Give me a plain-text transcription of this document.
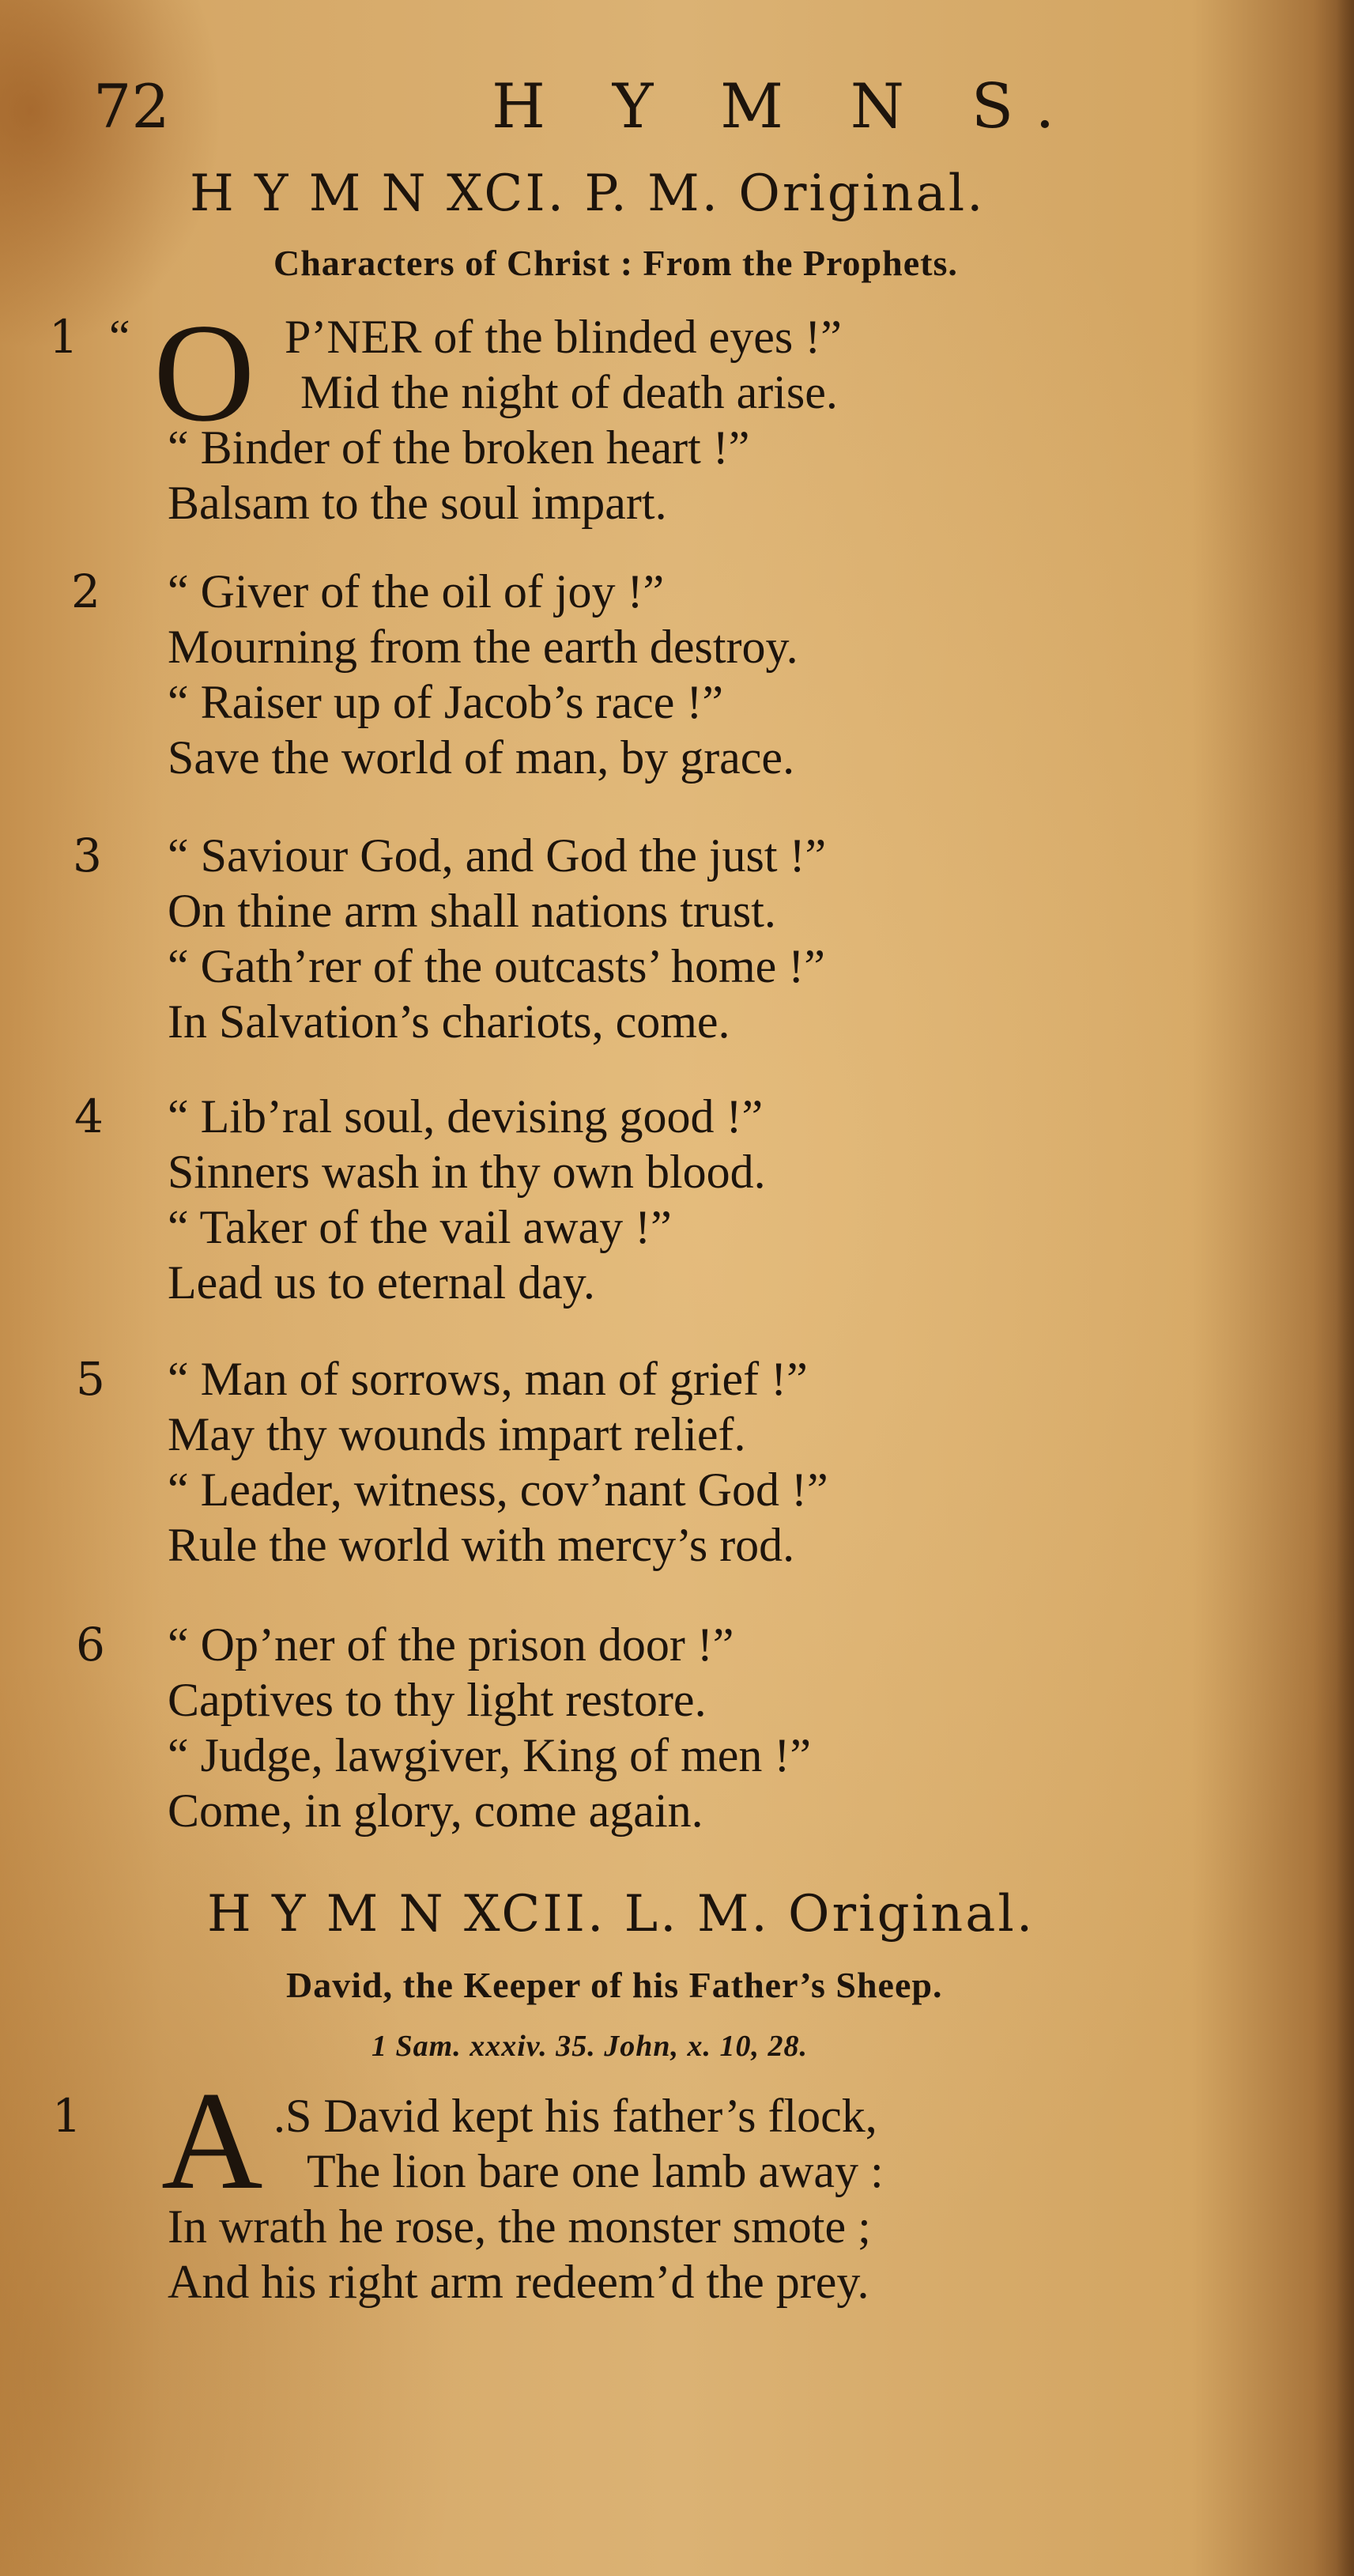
72	H Y M N S.
H Y M N XCI. P. M. Original.
Characters of Christ : From the Prophets.
1 “ O P’NER of the blinded eyes !”
Mid the night of death arise.
“ Binder of the broken heart !”
Balsam to the soul impart.
2 “ Giver of the oil of joy !”
Mourning from the earth destroy.
“ Raiser up of Jacob’s race !”
Save the world of man, by grace.
3 “ Saviour God, and God the just !”
On thine arm shall nations trust.
“ Gath’rer of the outcasts’ home !”
In Salvation’s chariots, come.
4 “ Lib’ral soul, devising good !”
Sinners wash in thy own blood.
“ Taker of the vail away !”
Lead us to eternal day.
5 “ Man of sorrows, man of grief !”
May thy wounds impart relief.
“ Leader, witness, cov’nant God !”
Rule the world with mercy’s rod.
6 “ Op’ner of the prison door !”
Captives to thy light restore.
“ Judge, lawgiver, King of men !”
Come, in glory, come again.
H Y M N XCII. L. M. Original.
David, the Keeper of his Father’s Sheep.
1 Sam. xxxiv. 35. John, x. 10, 28.
1 A .S David kept his father’s flock,
The lion bare one lamb away :
In wrath he rose, the monster smote ;
And his right arm redeem’d the prey.
